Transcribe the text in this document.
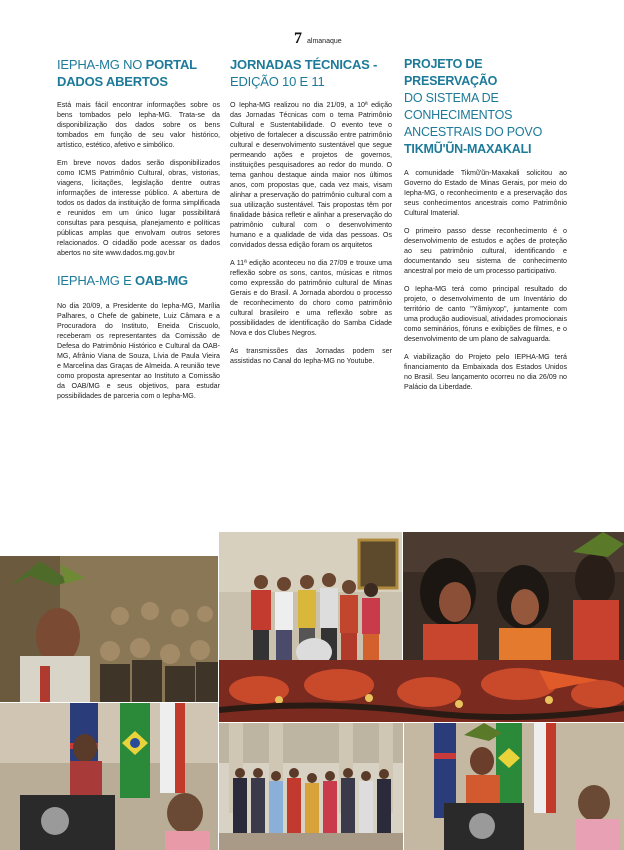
7 almanaque
IEPHA-MG NO PORTAL
DADOS ABERTOS

Está mais fácil encontrar informações sobre os bens tombados pelo Iepha-MG. Trata-se da disponibilização dos dados sobre os bens tombados em função de seu valor histórico, artístico, estético, afetivo e simbólico.

Em breve novos dados serão disponibilizados como ICMS Patrimônio Cultural, obras, vistorias, viagens, licitações, legislação dentre outras informações de interesse público. A abertura de todos os dados da instituição de forma simplificada e reunidos em um único lugar possibilitará consultas para pesquisa, planejamento e políticas públicas amplas que envolvam outros setores relacionados. O cidadão pode acessar os dados abertos no site www.dados.mg.gov.br

IEPHA-MG E OAB-MG

No dia 20/09, a Presidente do Iepha-MG, Marília Palhares, o Chefe de gabinete, Luiz Câmara e a Procuradora do Instituto, Eneida Criscuolo, receberam os representantes da Comissão de Defesa do Patrimônio Histórico e Cultural da OAB-MG, Afrânio Viana de Souza, Lívia de Paula Vieira e Marcelina das Graças de Almeida. A reunião teve como proposta apresentar ao Instituto a Comissão da OAB/MG e seus objetivos, para estudar possibilidades de parceria com o Iepha-MG.

JORNADAS TÉCNICAS -
EDIÇÃO 10 E 11

O Iepha-MG realizou no dia 21/09, a 10ª edição das Jornadas Técnicas com o tema Patrimônio Cultural e Sustentabilidade. O evento teve o objetivo de fortalecer a discussão entre patrimônio cultural e desenvolvimento sustentável que segue permeando ações e projetos de governos, instituições pesquisadores ao redor do mundo. O tema ganhou destaque ainda maior nos últimos anos, com propostas que, cada vez mais, visam alinhar a preservação do patrimônio cultural com a sua utilização sustentável. Tais propostas têm por finalidade básica refletir e alinhar a preservação do patrimônio cultural com o desenvolvimento humano e a qualidade de vida das pessoas. Os convidados dessa edição foram os arquitetos

A 11ª edição aconteceu no dia 27/09 e trouxe uma reflexão sobre os sons, cantos, músicas e ritmos como expressão do patrimônio cultural de Minas Gerais e do Brasil. A Jornada abordou o processo de reconhecimento do choro como patrimônio cultural brasileiro e uma reflexão sobre as possibilidades de identificação do Samba Cidade Nova e dos Clubes Negros.

As transmissões das Jornadas podem ser assistidas no Canal do Iepha-MG no Youtube.

PROJETO DE PRESERVAÇÃO
DO SISTEMA DE CONHECIMENTOS
ANCESTRAIS DO POVO
TIKMŨ'ŨN-MAXAKALI

A comunidade Tikmũ'ũn-Maxakali solicitou ao Governo do Estado de Minas Gerais, por meio do Iepha-MG, o reconhecimento e a preservação dos seus conhecimentos ancestrais como Patrimônio Cultural Imaterial.

O primeiro passo desse reconhecimento é o desenvolvimento de estudos e ações de proteção ao seu patrimônio cultural, identificando e documentando seu sistema de conhecimento ancestral por meio de um processo participativo.

O Iepha-MG terá como principal resultado do projeto, o desenvolvimento de um Inventário do território de canto "Yãmiyxop", juntamente com uma produção audiovisual, atividades promocionais como seminários, fóruns e exibições de filmes, e o desenvolvimento de um plano de salvaguarda.

A viabilização do Projeto pelo IEPHA-MG terá financiamento da Embaixada dos Estados Unidos no Brasil. Seu lançamento ocorreu no dia 26/09 no Palácio da Liberdade.
